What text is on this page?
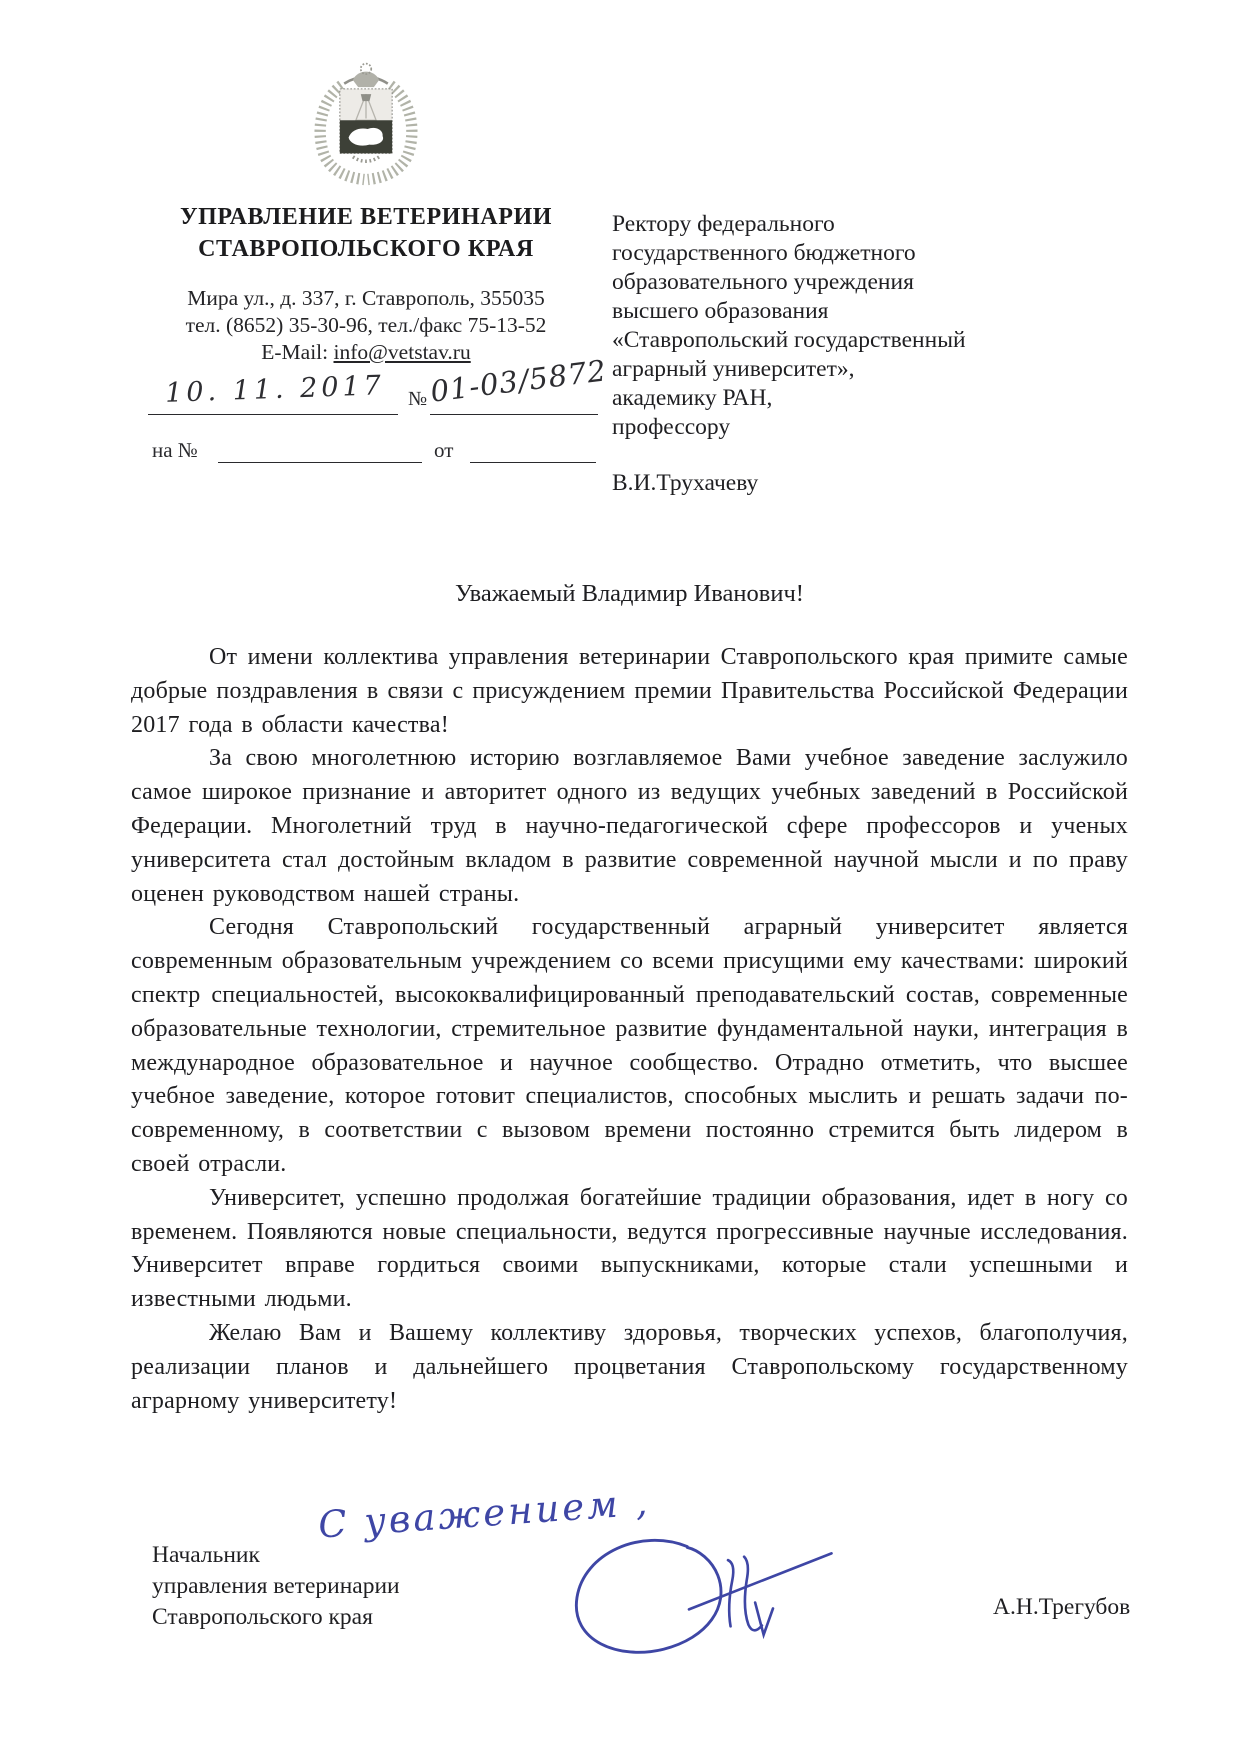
УПРАВЛЕНИЕ ВЕТЕРИНАРИИ
СТАВРОПОЛЬСКОГО КРАЯ
Мира ул., д. 337, г. Ставрополь, 355035
тел. (8652) 35-30-96, тел./факс 75-13-52
E-Mail: info@vetstav.ru
10. 11. 2017	№ 01-03/5872
на №	от
Ректору федерального
государственного бюджетного
образовательного учреждения
высшего образования
«Ставропольский государственный
аграрный университет»,
академику РАН,
профессору
В.И.Трухачеву
Уважаемый Владимир Иванович!

От имени коллектива управления ветеринарии Ставропольского края примите самые добрые поздравления в связи с присуждением премии Правительства Российской Федерации 2017 года в области качества!

За свою многолетнюю историю возглавляемое Вами учебное заведение заслужило самое широкое признание и авторитет одного из ведущих учебных заведений в Российской Федерации. Многолетний труд в научно-педагогической сфере профессоров и ученых университета стал достойным вкладом в развитие современной научной мысли и по праву оценен руководством нашей страны.

Сегодня Ставропольский государственный аграрный университет является современным образовательным учреждением со всеми присущими ему качествами: широкий спектр специальностей, высококвалифицированный преподавательский состав, современные образовательные технологии, стремительное развитие фундаментальной науки, интеграция в международное образовательное и научное сообщество. Отрадно отметить, что высшее учебное заведение, которое готовит специалистов, способных мыслить и решать задачи по-современному, в соответствии с вызовом времени постоянно стремится быть лидером в своей отрасли.

Университет, успешно продолжая богатейшие традиции образования, идет в ногу со временем. Появляются новые специальности, ведутся прогрессивные научные исследования. Университет вправе гордиться своими выпускниками, которые стали успешными и известными людьми.

Желаю Вам и Вашему коллективу здоровья, творческих успехов, благополучия, реализации планов и дальнейшего процветания Ставропольскому государственному аграрному университету!

С уважением ,
Начальник
управления ветеринарии
Ставропольского края	А.Н.Трегубов
